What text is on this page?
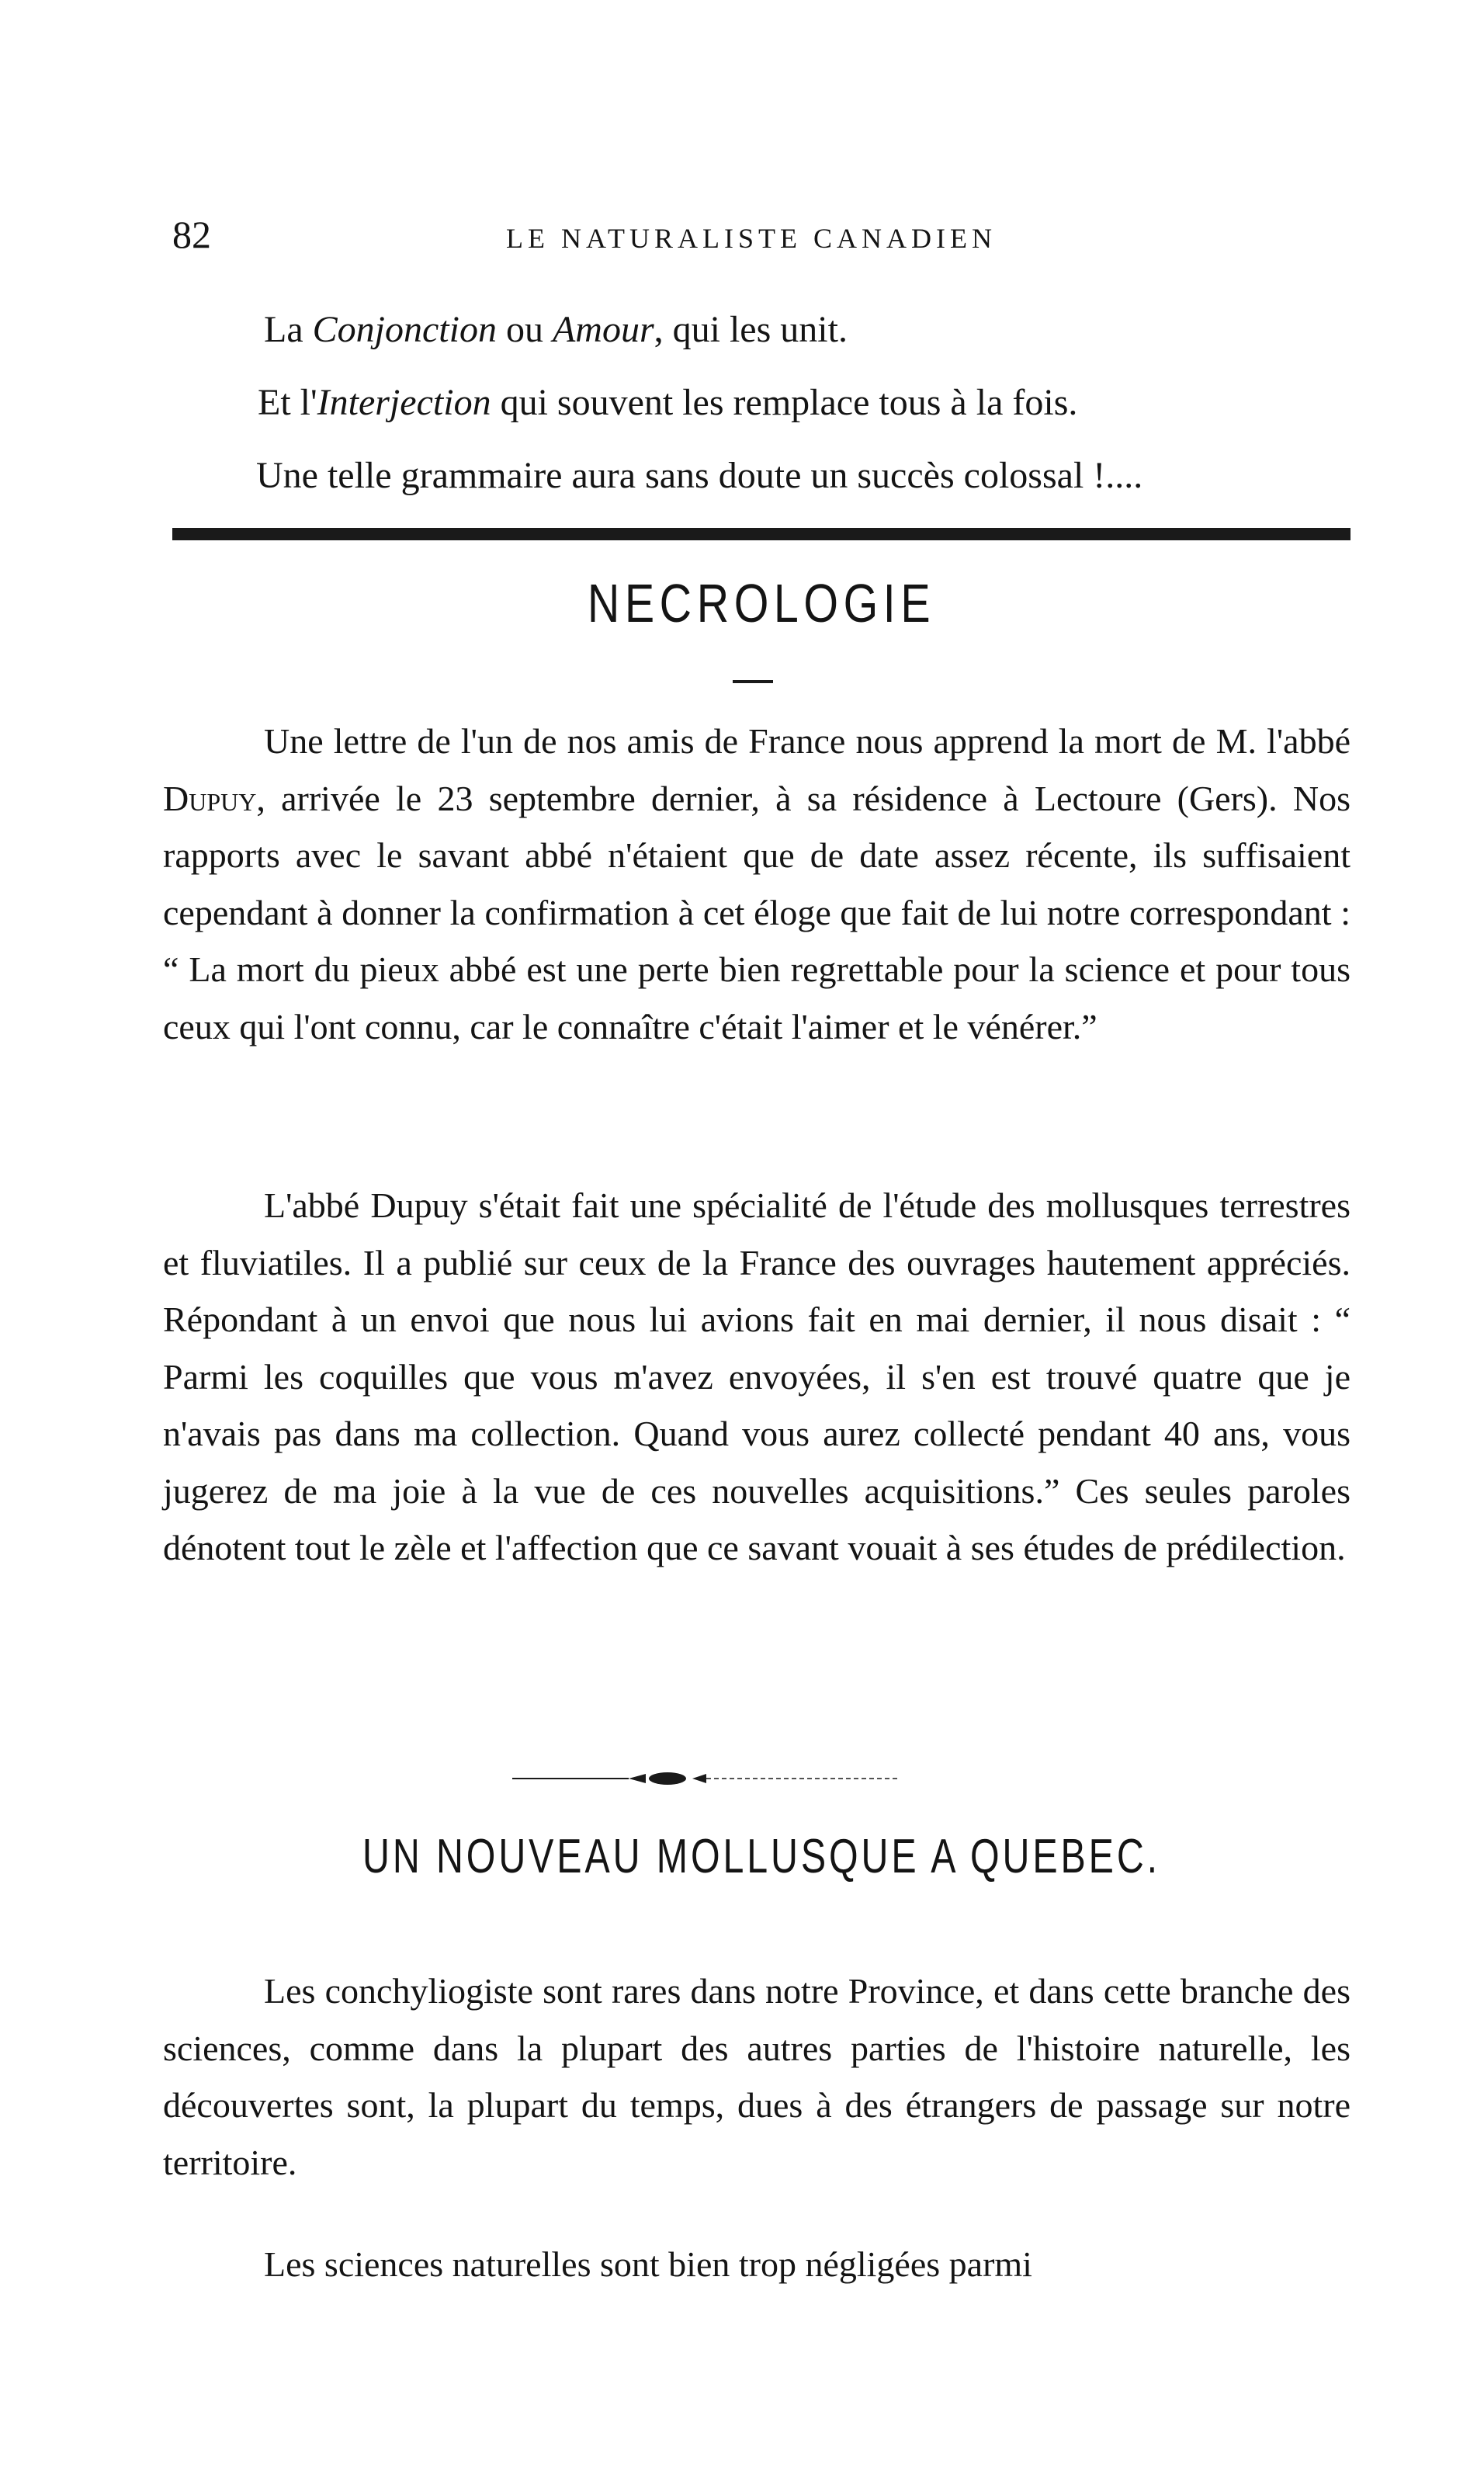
82	LE NATURALISTE CANADIEN
La Conjonction ou Amour, qui les unit.
Et l'Interjection qui souvent les remplace tous à la fois.
Une telle grammaire aura sans doute un succès colossal !....
NECROLOGIE

Une lettre de l'un de nos amis de France nous apprend la mort de M. l'abbé Dupuy, arrivée le 23 septembre dernier, à sa résidence à Lectoure (Gers). Nos rapports avec le savant abbé n'étaient que de date assez récente, ils suffisaient cependant à donner la confirmation à cet éloge que fait de lui notre correspondant : “ La mort du pieux abbé est une perte bien regrettable pour la science et pour tous ceux qui l'ont connu, car le connaître c'était l'aimer et le vénérer.”

L'abbé Dupuy s'était fait une spécialité de l'étude des mollusques terrestres et fluviatiles. Il a publié sur ceux de la France des ouvrages hautement appréciés. Répondant à un envoi que nous lui avions fait en mai dernier, il nous disait : “ Parmi les coquilles que vous m'avez envoyées, il s'en est trouvé quatre que je n'avais pas dans ma collection. Quand vous aurez collecté pendant 40 ans, vous jugerez de ma joie à la vue de ces nouvelles acquisitions.” Ces seules paroles dénotent tout le zèle et l'affection que ce savant vouait à ses études de prédilection.

UN NOUVEAU MOLLUSQUE A QUEBEC.

Les conchyliogiste sont rares dans notre Province, et dans cette branche des sciences, comme dans la plupart des autres parties de l'histoire naturelle, les découvertes sont, la plupart du temps, dues à des étrangers de passage sur notre territoire.

Les sciences naturelles sont bien trop négligées parmi
